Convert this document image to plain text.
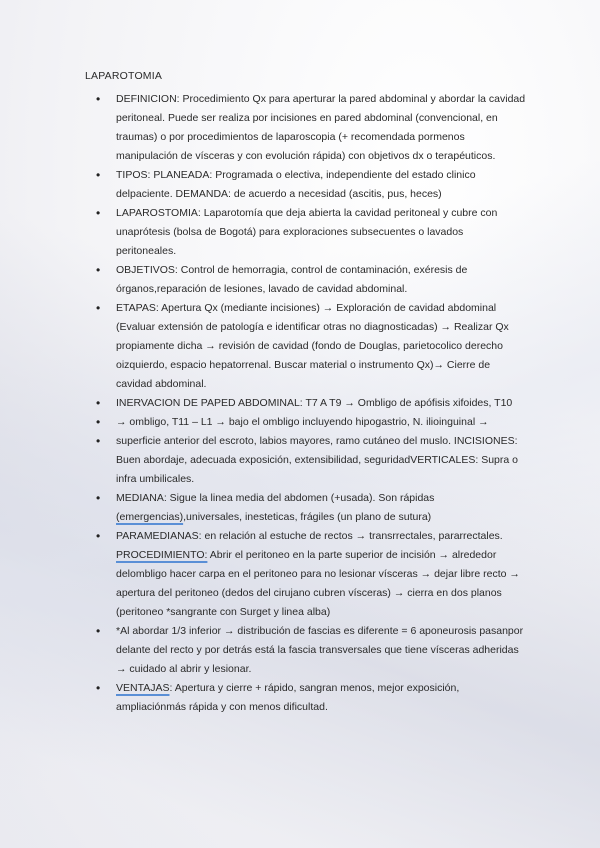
LAPAROTOMIA
• DEFINICION: Procedimiento Qx para aperturar la pared abdominal y abordar la cavidad peritoneal. Puede ser realiza por incisiones en pared abdominal (convencional, en traumas) o por procedimientos de laparoscopia (+ recomendada pormenos manipulación de vísceras y con evolución rápida) con objetivos dx o terapéuticos.
• TIPOS: PLANEADA: Programada o electiva, independiente del estado clinico delpaciente. DEMANDA: de acuerdo a necesidad (ascitis, pus, heces)
• LAPAROSTOMIA: Laparotomía que deja abierta la cavidad peritoneal y cubre con unaprótesis (bolsa de Bogotá) para exploraciones subsecuentes o lavados peritoneales.
• OBJETIVOS: Control de hemorragia, control de contaminación, exéresis de órganos,reparación de lesiones, lavado de cavidad abdominal.
• ETAPAS: Apertura Qx (mediante incisiones) → Exploración de cavidad abdominal (Evaluar extensión de patología e identificar otras no diagnosticadas) → Realizar Qx propiamente dicha → revisión de cavidad (fondo de Douglas, parietocolico derecho oizquierdo, espacio hepatorrenal. Buscar material o instrumento Qx)→ Cierre de cavidad abdominal.
• INERVACION DE PAPED ABDOMINAL: T7 A T9 → Ombligo de apófisis xifoides, T10
• → ombligo, T11 – L1 → bajo el ombligo incluyendo hipogastrio, N. ilioinguinal →
• superficie anterior del escroto, labios mayores, ramo cutáneo del muslo. INCISIONES: Buen abordaje, adecuada exposición, extensibilidad, seguridadVERTICALES: Supra o infra umbilicales.
• MEDIANA: Sigue la linea media del abdomen (+usada). Son rápidas (emergencias),universales, inesteticas, frágiles (un plano de sutura)
• PARAMEDIANAS: en relación al estuche de rectos → transrrectales, pararrectales. PROCEDIMIENTO: Abrir el peritoneo en la parte superior de incisión → alrededor delombligo hacer carpa en el peritoneo para no lesionar vísceras → dejar libre recto → apertura del peritoneo (dedos del cirujano cubren vísceras) → cierra en dos planos (peritoneo *sangrante con Surget y linea alba)
• *Al abordar 1/3 inferior → distribución de fascias es diferente = 6 aponeurosis pasanpor delante del recto y por detrás está la fascia transversales que tiene vísceras adheridas → cuidado al abrir y lesionar.
• VENTAJAS: Apertura y cierre + rápido, sangran menos, mejor exposición, ampliaciónmás rápida y con menos dificultad.
